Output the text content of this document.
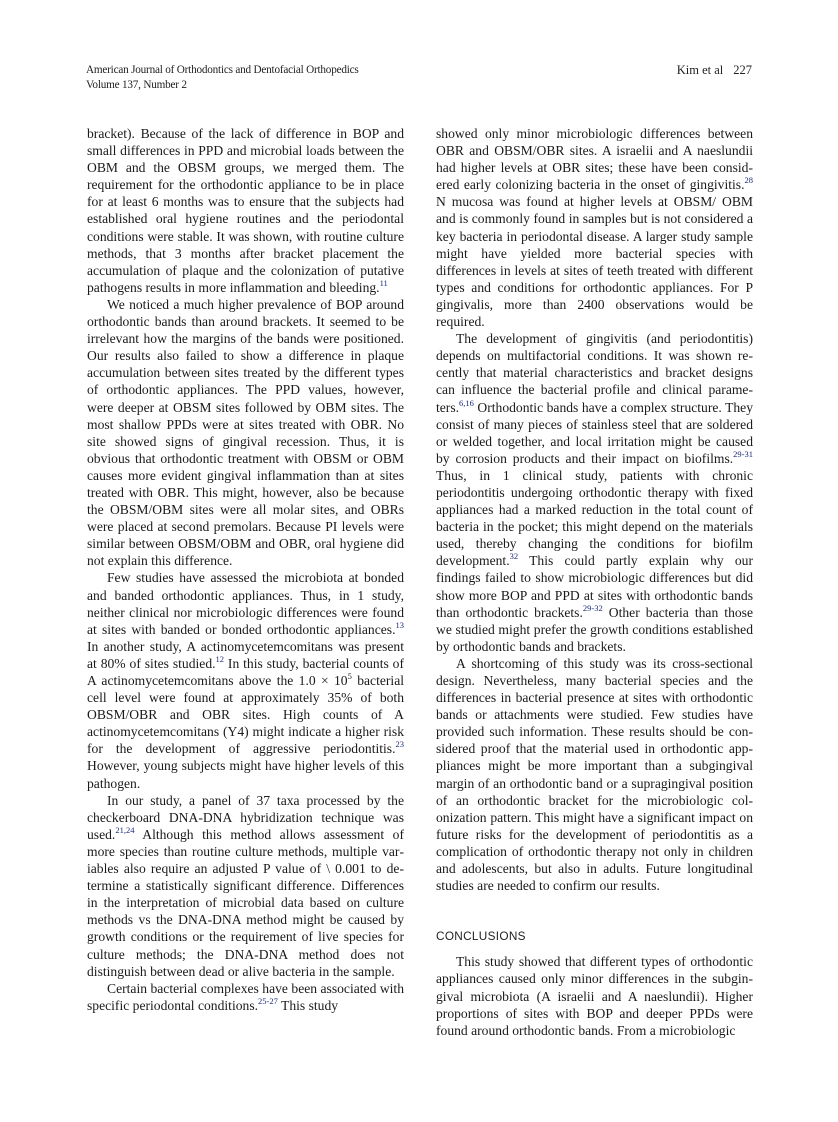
American Journal of Orthodontics and Dentofacial Orthopedics
Volume 137, Number 2
Kim et al 227

bracket). Because of the lack of difference in BOP and small differences in PPD and microbial loads between the OBM and the OBSM groups, we merged them. The requirement for the orthodontic appliance to be in place for at least 6 months was to ensure that the subjects had established oral hygiene routines and the periodontal conditions were stable. It was shown, with routine culture methods, that 3 months after bracket placement the accumulation of plaque and the colonization of putative pathogens results in more inflammation and bleeding.$^{11}$

We noticed a much higher prevalence of BOP around orthodontic bands than around brackets. It seemed to be irrelevant how the margins of the bands were positioned. Our results also failed to show a difference in plaque accumulation between sites treated by the different types of orthodontic appliances. The PPD values, however, were deeper at OBSM sites followed by OBM sites. The most shallow PPDs were at sites treated with OBR. No site showed signs of gingival recession. Thus, it is obvious that orthodontic treatment with OBSM or OBM causes more evident gingival inflammation than at sites treated with OBR. This might, however, also be because the OBSM/OBM sites were all molar sites, and OBRs were placed at second premolars. Because PI levels were similar between OBSM/OBM and OBR, oral hygiene did not explain this difference.

Few studies have assessed the microbiota at bonded and banded orthodontic appliances. Thus, in 1 study, neither clinical nor microbiologic differences were found at sites with banded or bonded orthodontic appliances.$^{13}$ In another study, A actinomycetemcomitans was present at 80% of sites studied.$^{12}$ In this study, bacterial counts of A actinomycetemcomitans above the 1.0 × 10$^5$ bacterial cell level were found at approximately 35% of both OBSM/OBR and OBR sites. High counts of A actinomycetemcomitans (Y4) might indicate a higher risk for the development of aggressive periodontitis.$^{23}$ However, young subjects might have higher levels of this pathogen.

In our study, a panel of 37 taxa processed by the checkerboard DNA-DNA hybridization technique was used.$^{21,24}$ Although this method allows assessment of more species than routine culture methods, multiple variables also require an adjusted P value of \ 0.001 to determine a statistically significant difference. Differences in the interpretation of microbial data based on culture methods vs the DNA-DNA method might be caused by growth conditions or the requirement of live species for culture methods; the DNA-DNA method does not distinguish between dead or alive bacteria in the sample.

Certain bacterial complexes have been associated with specific periodontal conditions.$^{25-27}$ This study

showed only minor microbiologic differences between OBR and OBSM/OBR sites. A israelii and A naeslundii had higher levels at OBR sites; these have been considered early colonizing bacteria in the onset of gingivitis.$^{28}$ N mucosa was found at higher levels at OBSM/ OBM and is commonly found in samples but is not considered a key bacteria in periodontal disease. A larger study sample might have yielded more bacterial species with differences in levels at sites of teeth treated with different types and conditions for orthodontic appliances. For P gingivalis, more than 2400 observations would be required.

The development of gingivitis (and periodontitis) depends on multifactorial conditions. It was shown recently that material characteristics and bracket designs can influence the bacterial profile and clinical parameters.$^{6,16}$ Orthodontic bands have a complex structure. They consist of many pieces of stainless steel that are soldered or welded together, and local irritation might be caused by corrosion products and their impact on biofilms.$^{29-31}$ Thus, in 1 clinical study, patients with chronic periodontitis undergoing orthodontic therapy with fixed appliances had a marked reduction in the total count of bacteria in the pocket; this might depend on the materials used, thereby changing the conditions for biofilm development.$^{32}$ This could partly explain why our findings failed to show microbiologic differences but did show more BOP and PPD at sites with orthodontic bands than orthodontic brackets.$^{29-32}$ Other bacteria than those we studied might prefer the growth conditions established by orthodontic bands and brackets.

A shortcoming of this study was its cross-sectional design. Nevertheless, many bacterial species and the differences in bacterial presence at sites with orthodontic bands or attachments were studied. Few studies have provided such information. These results should be considered proof that the material used in orthodontic apppliances might be more important than a subgingival margin of an orthodontic band or a supragingival position of an orthodontic bracket for the microbiologic colonization pattern. This might have a significant impact on future risks for the development of periodontitis as a complication of orthodontic therapy not only in children and adolescents, but also in adults. Future longitudinal studies are needed to confirm our results.

CONCLUSIONS

This study showed that different types of orthodontic appliances caused only minor differences in the subgingival microbiota (A israelii and A naeslundii). Higher proportions of sites with BOP and deeper PPDs were found around orthodontic bands. From a microbiologic
